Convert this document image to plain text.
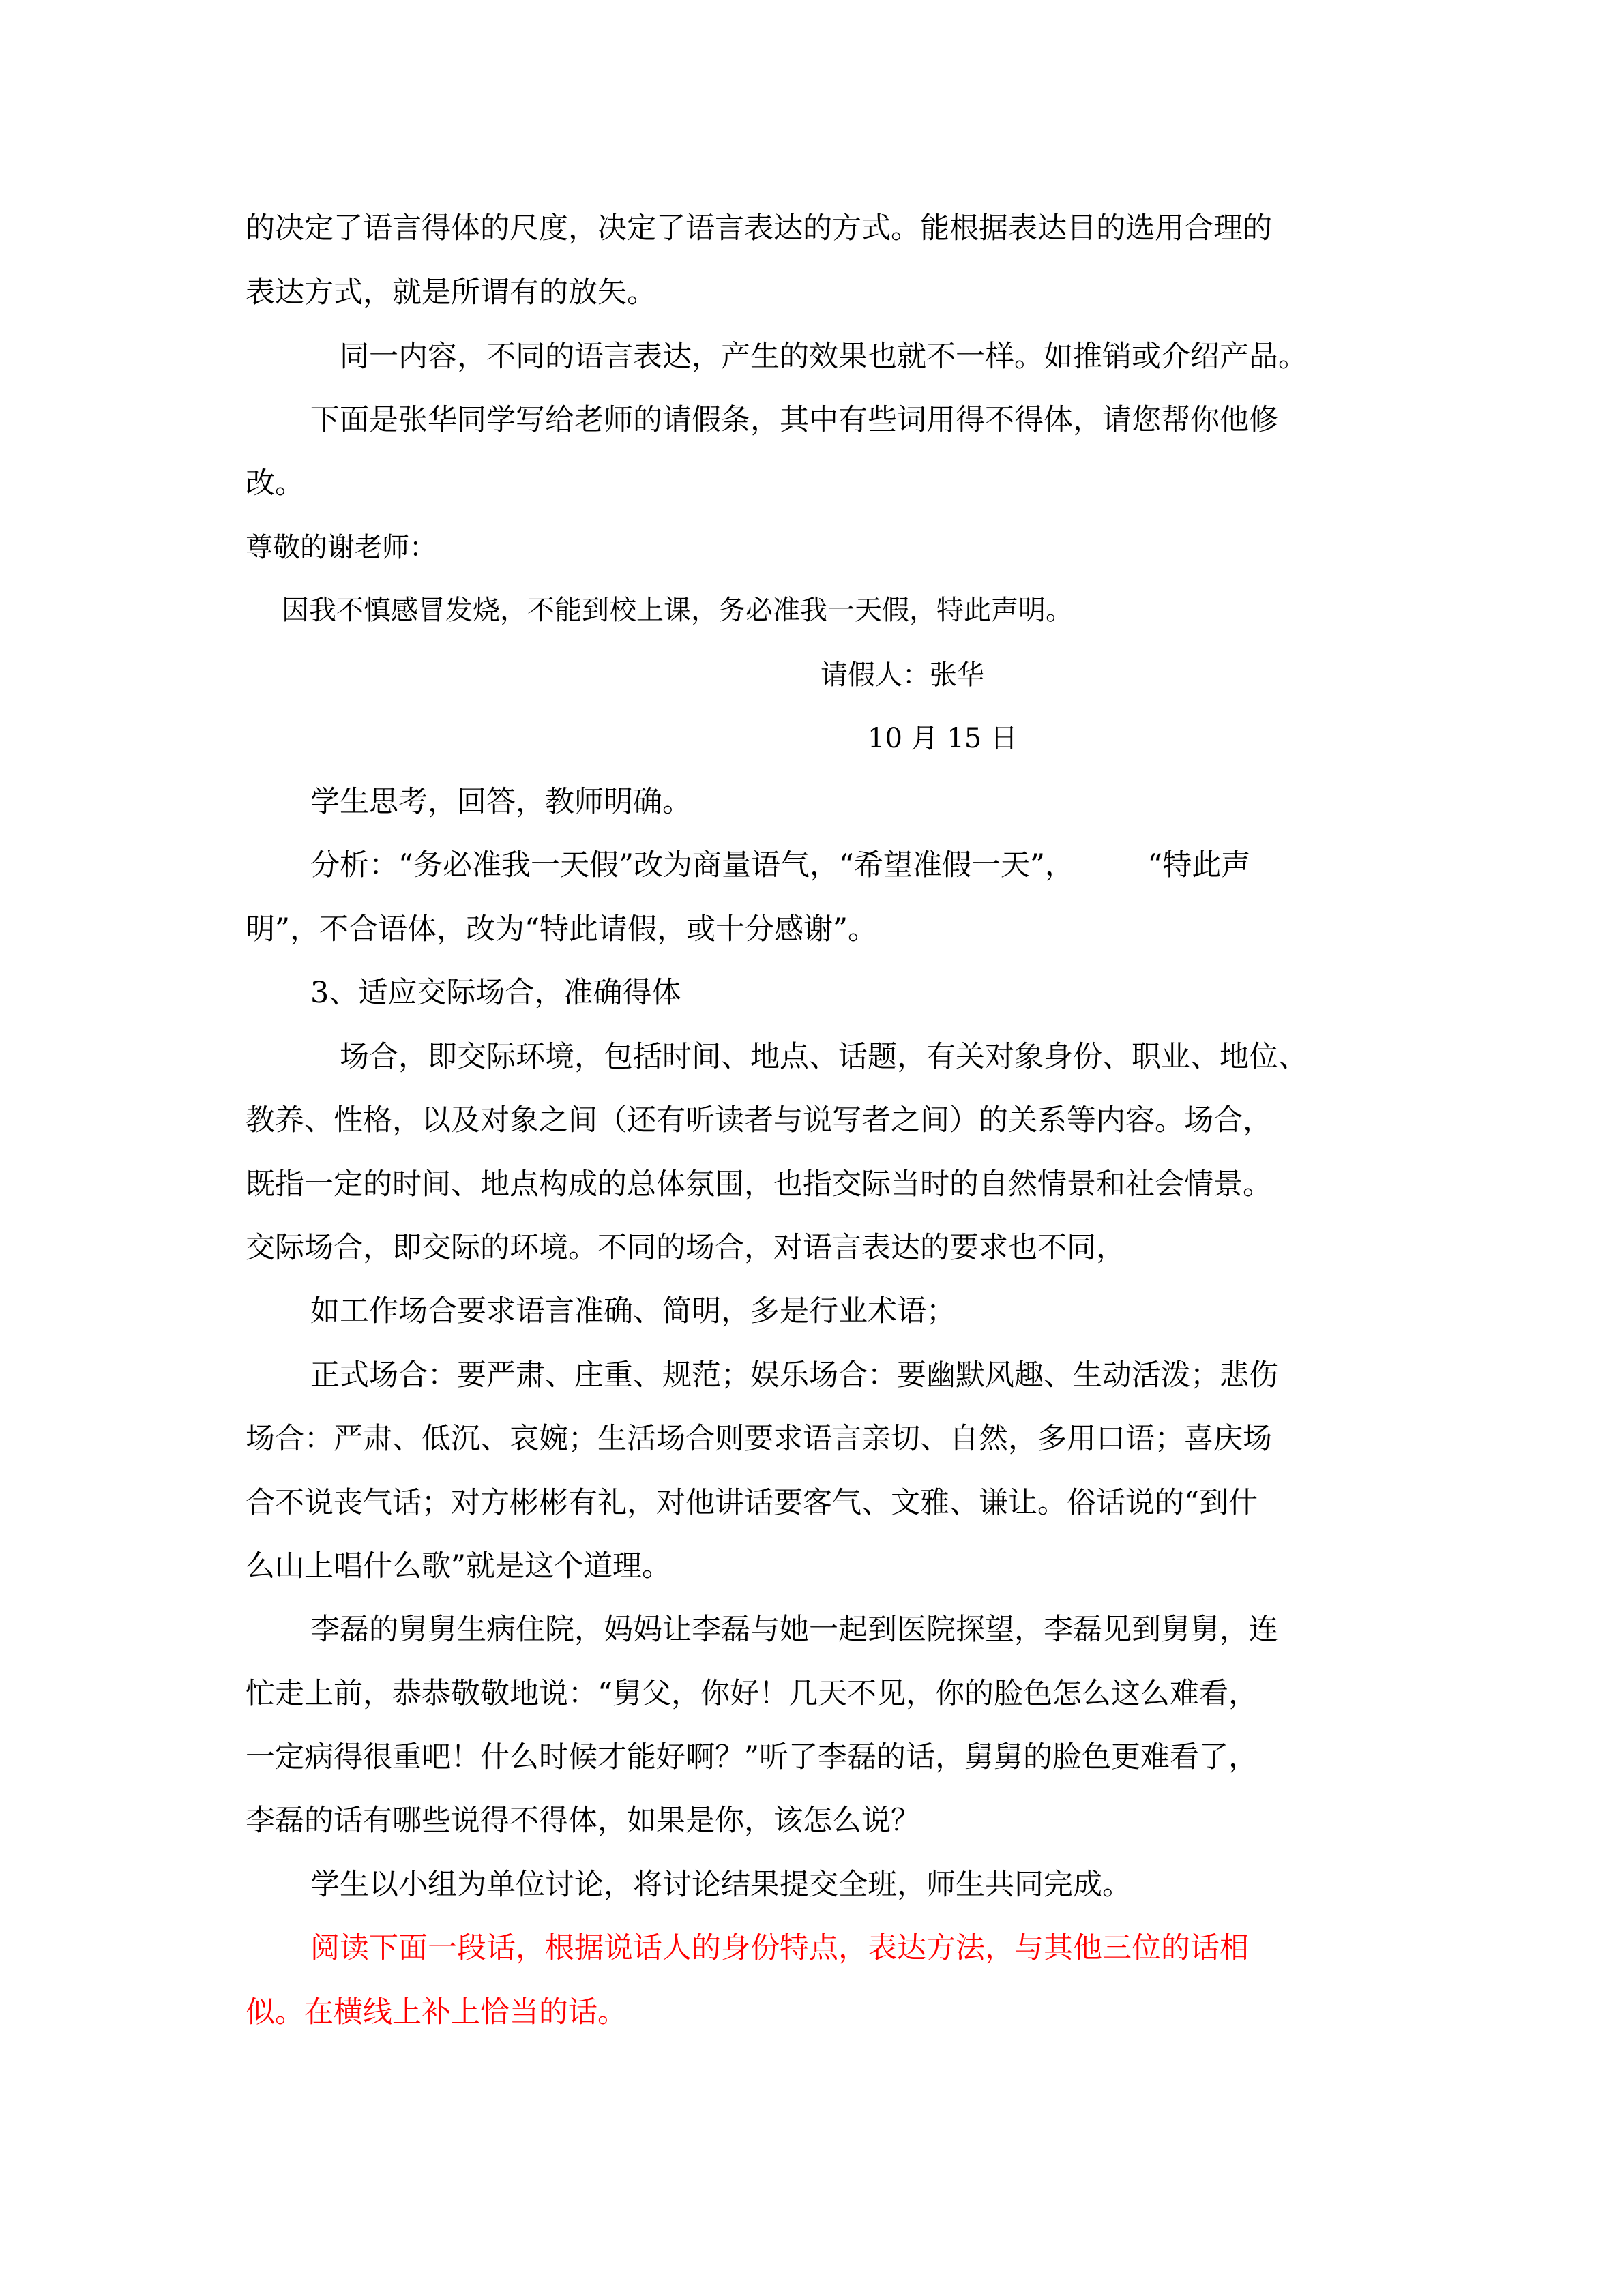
的决定了语言得体的尺度，决定了语言表达的方式。能根据表达目的选用合理的
表达方式，就是所谓有的放矢。
　同一内容，不同的语言表达，产生的效果也就不一样。如推销或介绍产品。
下面是张华同学写给老师的请假条，其中有些词用得不得体，请您帮你他修
改。
尊敬的谢老师：
因我不慎感冒发烧，不能到校上课，务必准我一天假，特此声明。
请假人：张华
10 月 15 日
学生思考，回答，教师明确。
分析：“务必准我一天假”改为商量语气，“希望准假一天”，　　　“特此声
明”，不合语体，改为“特此请假，或十分感谢”。
3、适应交际场合，准确得体
　场合，即交际环境，包括时间、地点、话题，有关对象身份、职业、地位、
教养、性格，以及对象之间（还有听读者与说写者之间）的关系等内容。场合，
既指一定的时间、地点构成的总体氛围，也指交际当时的自然情景和社会情景。
交际场合，即交际的环境。不同的场合，对语言表达的要求也不同，
如工作场合要求语言准确、简明，多是行业术语；
正式场合：要严肃、庄重、规范；娱乐场合：要幽默风趣、生动活泼；悲伤
场合：严肃、低沉、哀婉；生活场合则要求语言亲切、自然，多用口语；喜庆场
合不说丧气话；对方彬彬有礼，对他讲话要客气、文雅、谦让。俗话说的“到什
么山上唱什么歌”就是这个道理。
李磊的舅舅生病住院，妈妈让李磊与她一起到医院探望，李磊见到舅舅，连
忙走上前，恭恭敬敬地说：“舅父，你好！几天不见，你的脸色怎么这么难看，
一定病得很重吧！什么时候才能好啊？”听了李磊的话，舅舅的脸色更难看了，
李磊的话有哪些说得不得体，如果是你，该怎么说？
学生以小组为单位讨论，将讨论结果提交全班，师生共同完成。
阅读下面一段话，根据说话人的身份特点，表达方法，与其他三位的话相
似。在横线上补上恰当的话。
